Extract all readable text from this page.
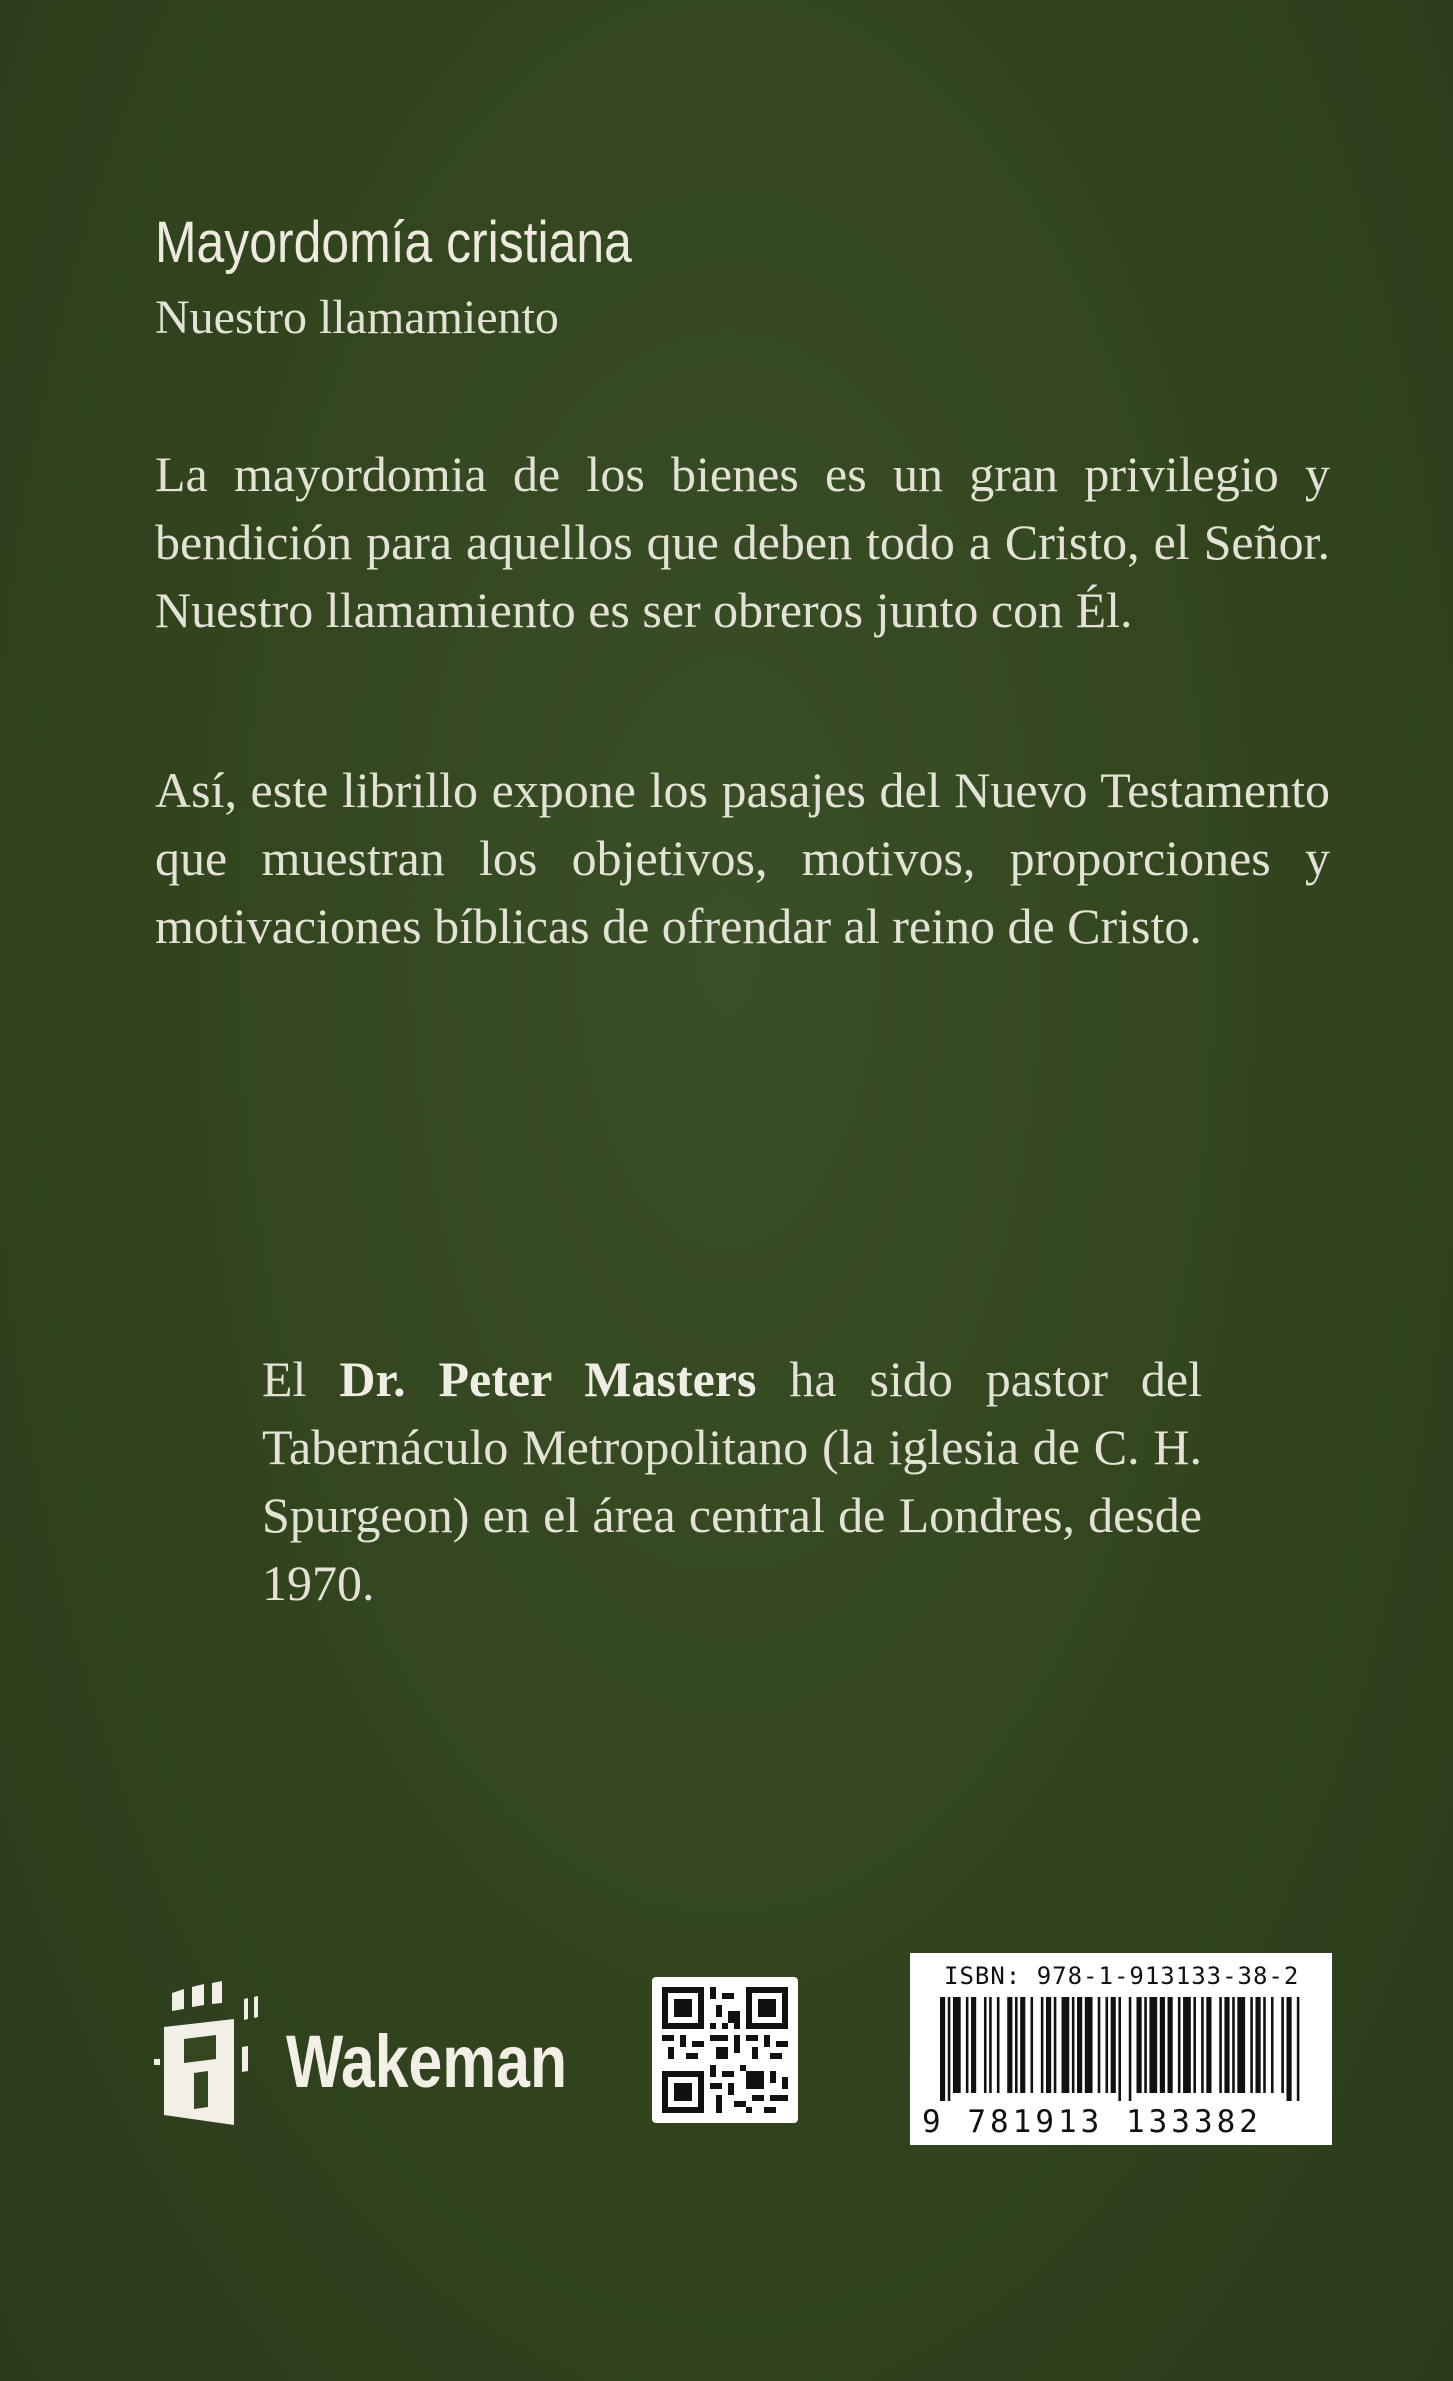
Mayordomía cristiana
Nuestro llamamiento

La mayordomia de los bienes es un gran privilegio y bendición para aquellos que deben todo a Cristo, el Señor. Nuestro llamamiento es ser obreros junto con Él.

Así, este librillo expone los pasajes del Nuevo Testamento que muestran los objetivos, motivos, proporciones y motivaciones bíblicas de ofrendar al reino de Cristo.

El Dr. Peter Masters ha sido pastor del Tabernáculo Metropolitano (la iglesia de C. H. Spurgeon) en el área central de Londres, desde 1970.

Wakeman
ISBN: 978-1-913133-38-2
9 781913 133382
